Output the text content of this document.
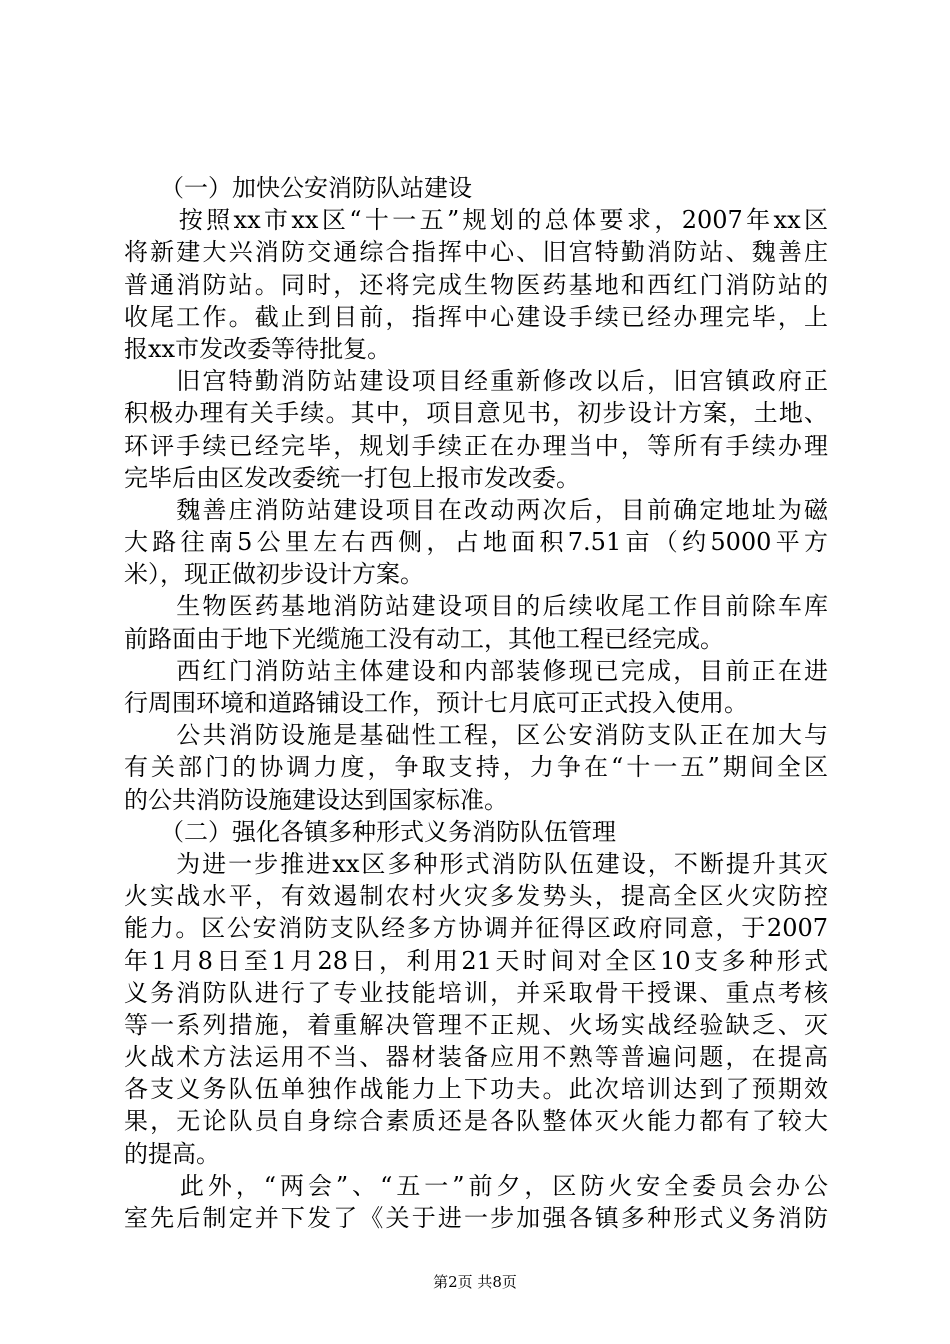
　　（一）加快公安消防队站建设
　　按照xx市xx区“十一五”规划的总体要求，2007年xx区
将新建大兴消防交通综合指挥中心、旧宫特勤消防站、魏善庄
普通消防站。同时，还将完成生物医药基地和西红门消防站的
收尾工作。截止到目前，指挥中心建设手续已经办理完毕，上
报xx市发改委等待批复。
　　旧宫特勤消防站建设项目经重新修改以后，旧宫镇政府正
积极办理有关手续。其中，项目意见书，初步设计方案，土地、
环评手续已经完毕，规划手续正在办理当中，等所有手续办理
完毕后由区发改委统一打包上报市发改委。
　　魏善庄消防站建设项目在改动两次后，目前确定地址为磁
大路往南5公里左右西侧，占地面积7.51亩（约5000平方
米），现正做初步设计方案。
　　生物医药基地消防站建设项目的后续收尾工作目前除车库
前路面由于地下光缆施工没有动工，其他工程已经完成。
　　西红门消防站主体建设和内部装修现已完成，目前正在进
行周围环境和道路铺设工作，预计七月底可正式投入使用。
　　公共消防设施是基础性工程，区公安消防支队正在加大与
有关部门的协调力度，争取支持，力争在“十一五”期间全区
的公共消防设施建设达到国家标准。
　　（二）强化各镇多种形式义务消防队伍管理
　　为进一步推进xx区多种形式消防队伍建设，不断提升其灭
火实战水平，有效遏制农村火灾多发势头，提高全区火灾防控
能力。区公安消防支队经多方协调并征得区政府同意，于2007
年1月8日至1月28日，利用21天时间对全区10支多种形式
义务消防队进行了专业技能培训，并采取骨干授课、重点考核
等一系列措施，着重解决管理不正规、火场实战经验缺乏、灭
火战术方法运用不当、器材装备应用不熟等普遍问题，在提高
各支义务队伍单独作战能力上下功夫。此次培训达到了预期效
果，无论队员自身综合素质还是各队整体灭火能力都有了较大
的提高。
　　此外，“两会”、“五一”前夕，区防火安全委员会办公
室先后制定并下发了《关于进一步加强各镇多种形式义务消防
第2页 共8页
